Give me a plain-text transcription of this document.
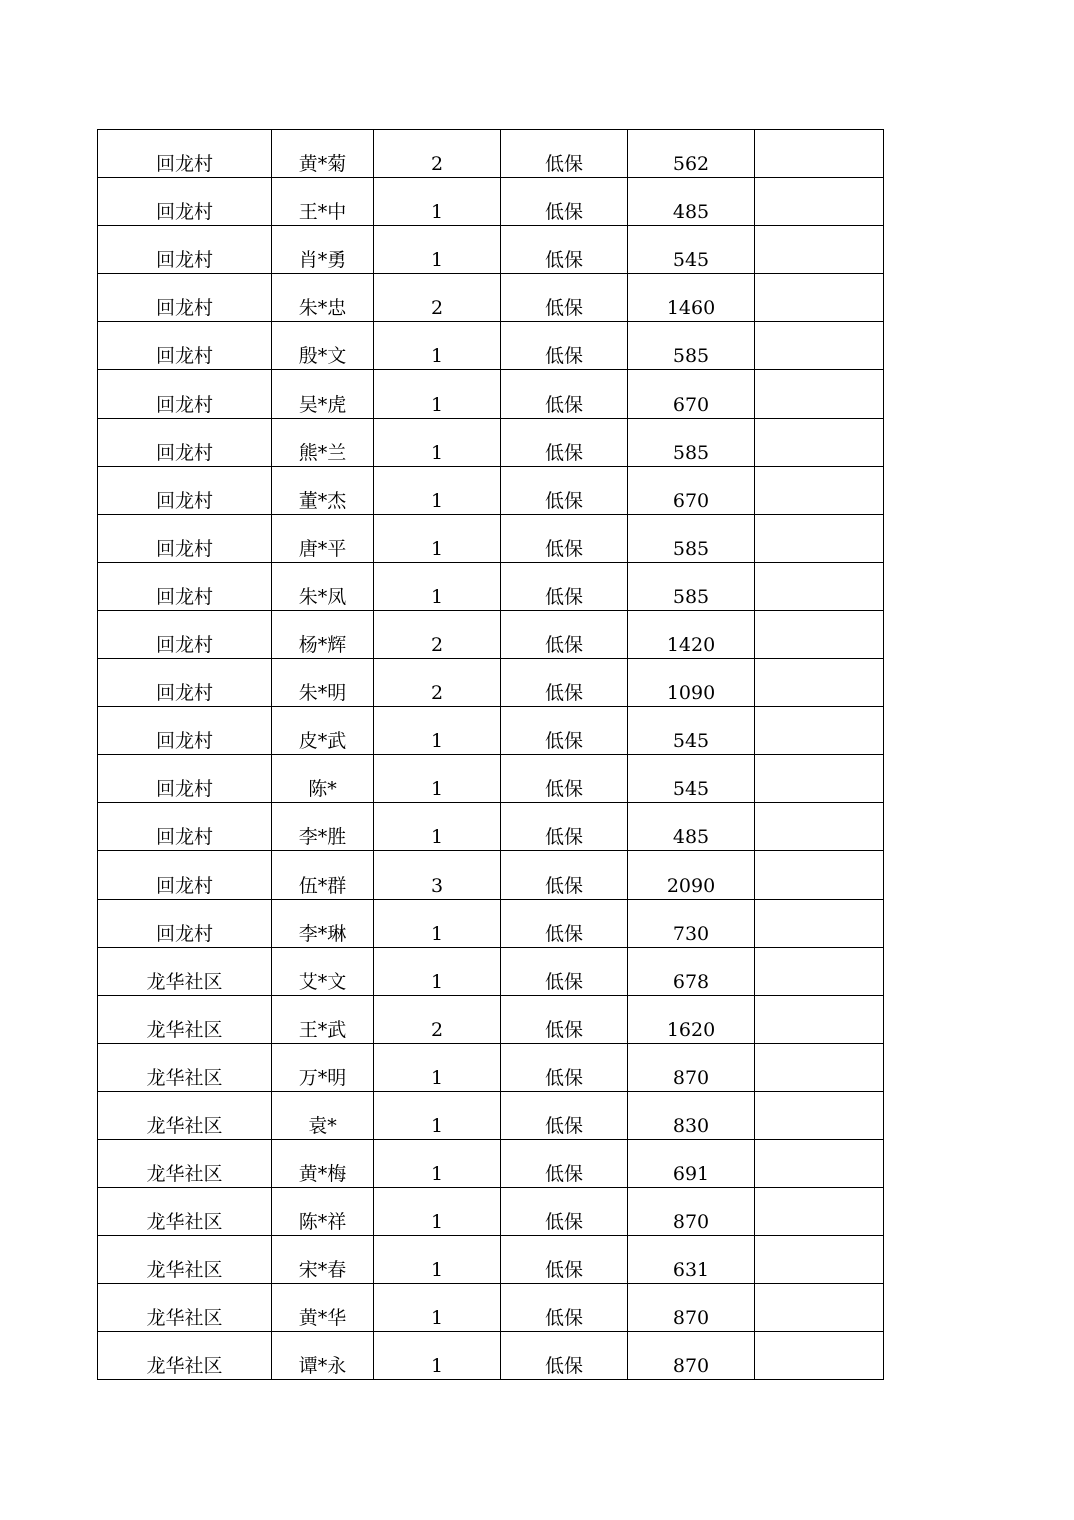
回龙村	黄*菊	2	低保	562	

回龙村	王*中	1	低保	485	

回龙村	肖*勇	1	低保	545	

回龙村	朱*忠	2	低保	1460	

回龙村	殷*文	1	低保	585	

回龙村	吴*虎	1	低保	670	

回龙村	熊*兰	1	低保	585	

回龙村	董*杰	1	低保	670	

回龙村	唐*平	1	低保	585	

回龙村	朱*凤	1	低保	585	

回龙村	杨*辉	2	低保	1420	

回龙村	朱*明	2	低保	1090	

回龙村	皮*武	1	低保	545	

回龙村	陈*	1	低保	545	

回龙村	李*胜	1	低保	485	

回龙村	伍*群	3	低保	2090	

回龙村	李*琳	1	低保	730	

龙华社区	艾*文	1	低保	678	

龙华社区	王*武	2	低保	1620	

龙华社区	万*明	1	低保	870	

龙华社区	袁*	1	低保	830	

龙华社区	黄*梅	1	低保	691	

龙华社区	陈*祥	1	低保	870	

龙华社区	宋*春	1	低保	631	

龙华社区	黄*华	1	低保	870	

龙华社区	谭*永	1	低保	870	
